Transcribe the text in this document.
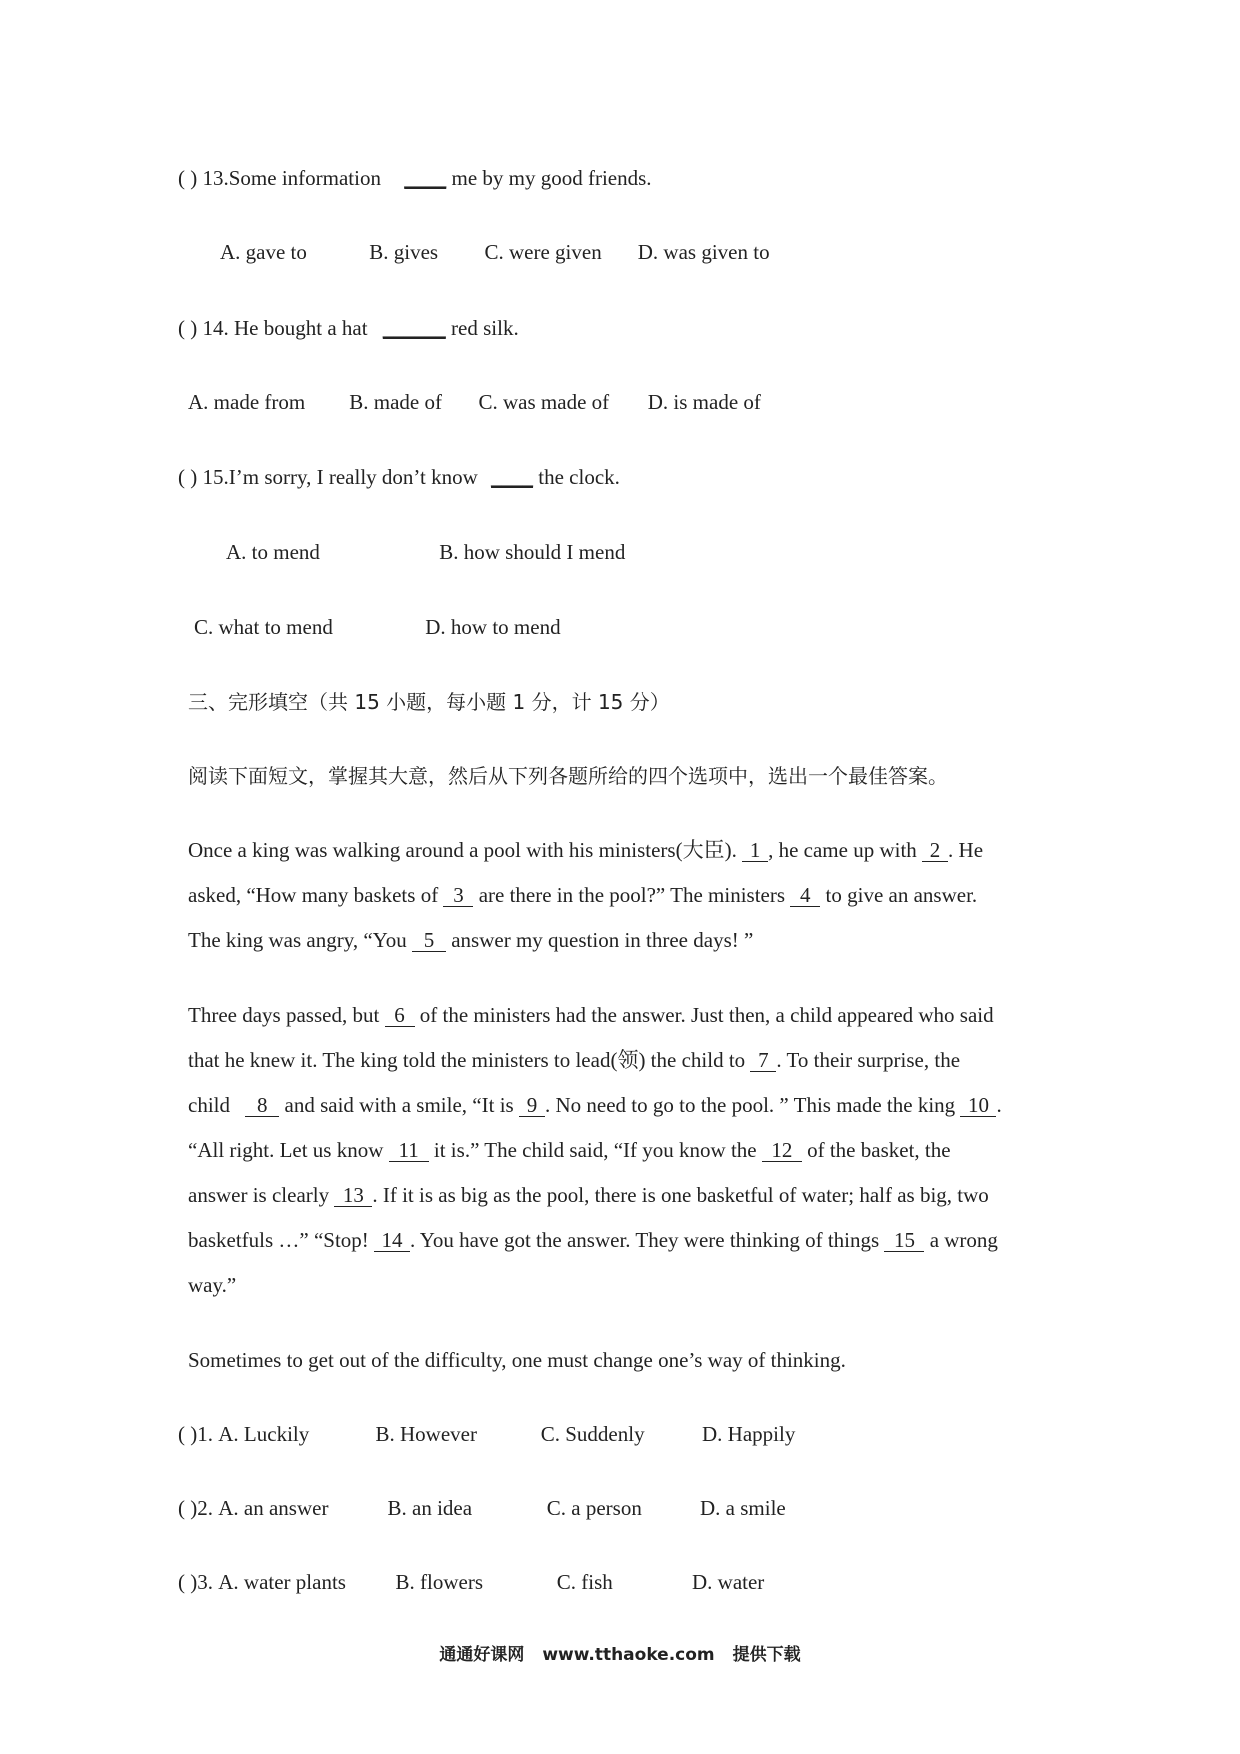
( ) 13.Some information ____ me by my good friends.
A. gave to	B. gives C. were given D. was given to
( ) 14. He bought a hat ______ red silk.
A. made from B. made of C. was made of D. is made of
( ) 15.I’m sorry, I really don’t know ____ the clock.
A. to mend	B. how should I mend
C. what to mend	D. how to mend
三、完形填空（共 15 小题，每小题 1 分，计 15 分）
阅读下面短文，掌握其大意，然后从下列各题所给的四个选项中，选出一个最佳答案。
Once a king was walking around a pool with his ministers(大臣). 1 , he came up with 2 . He
asked, “How many baskets of 3 are there in the pool?” The ministers 4 to give an answer.
The king was angry, “You 5 answer my question in three days! ”
Three days passed, but 6 of the ministers had the answer. Just then, a child appeared who said
that he knew it. The king told the ministers to lead(领) the child to 7 . To their surprise, the
child 8 and said with a smile, “It is 9 . No need to go to the pool. ” This made the king 10 .
“All right. Let us know 11 it is.” The child said, “If you know the 12 of the basket, the
answer is clearly 13 . If it is as big as the pool, there is one basketful of water; half as big, two
basketfuls …” “Stop! 14 . You have got the answer. They were thinking of things 15 a wrong
way.”
Sometimes to get out of the difficulty, one must change one’s way of thinking.
( )1. A. Luckily	B. However	C. Suddenly	D. Happily
( )2. A. an answer	B. an idea	C. a person	D. a smile
( )3. A. water plants B. flowers	C. fish	D. water
通通好课网 www.tthaoke.com 提供下载
